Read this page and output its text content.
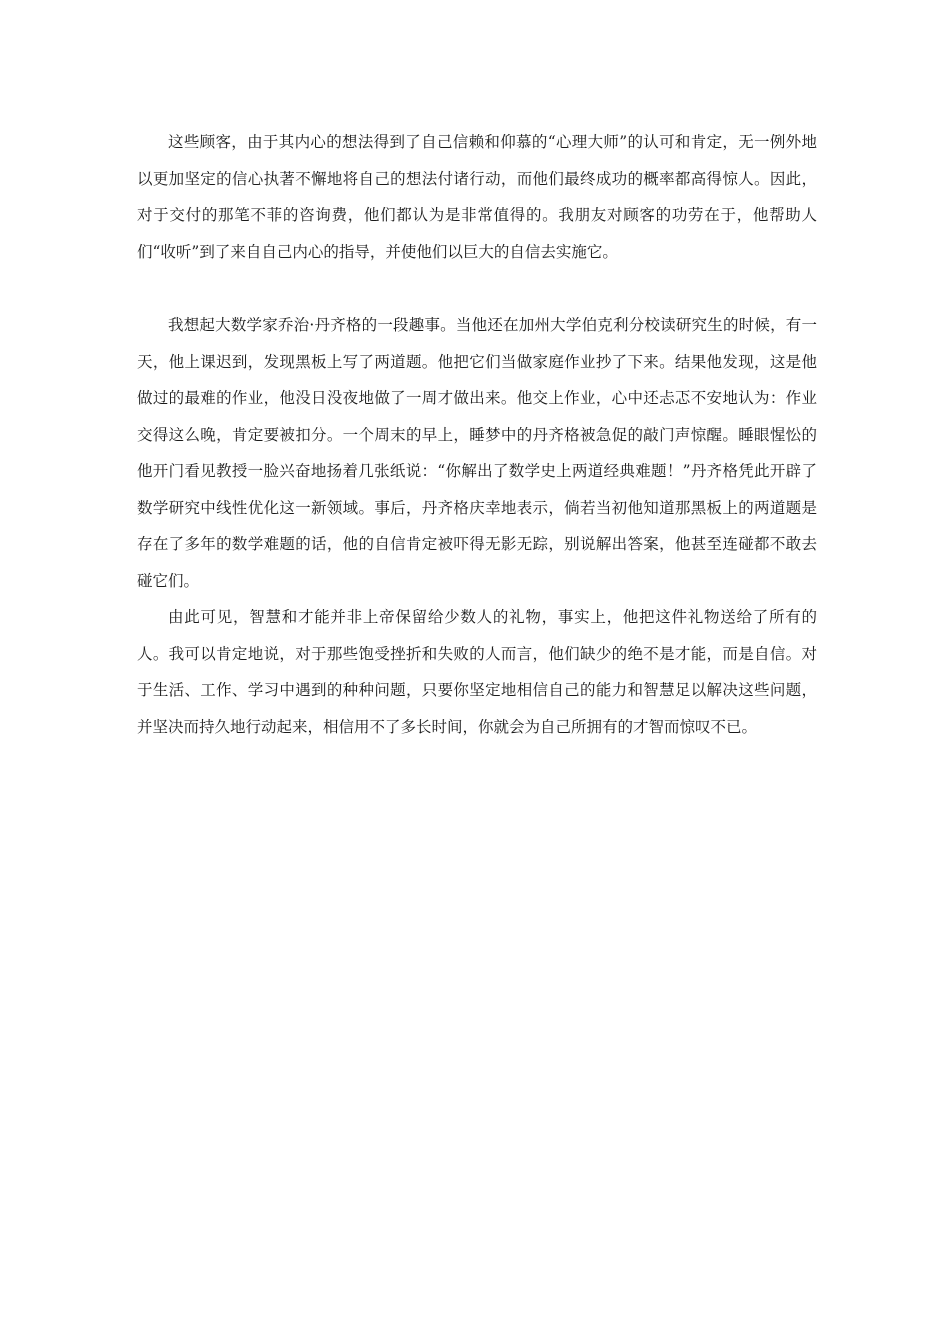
这些顾客，由于其内心的想法得到了自己信赖和仰慕的“心理大师”的认可和肯定，无一例外地以更加坚定的信心执著不懈地将自己的想法付诸行动，而他们最终成功的概率都高得惊人。因此，对于交付的那笔不菲的咨询费，他们都认为是非常值得的。我朋友对顾客的功劳在于，他帮助人们“收听”到了来自自己内心的指导，并使他们以巨大的自信去实施它。

我想起大数学家乔治·丹齐格的一段趣事。当他还在加州大学伯克利分校读研究生的时候，有一天，他上课迟到，发现黑板上写了两道题。他把它们当做家庭作业抄了下来。结果他发现，这是他做过的最难的作业，他没日没夜地做了一周才做出来。他交上作业，心中还忐忑不安地认为：作业交得这么晚，肯定要被扣分。一个周末的早上，睡梦中的丹齐格被急促的敲门声惊醒。睡眼惺忪的他开门看见教授一脸兴奋地扬着几张纸说：“你解出了数学史上两道经典难题！”丹齐格凭此开辟了数学研究中线性优化这一新领域。事后，丹齐格庆幸地表示，倘若当初他知道那黑板上的两道题是存在了多年的数学难题的话，他的自信肯定被吓得无影无踪，别说解出答案，他甚至连碰都不敢去碰它们。

由此可见，智慧和才能并非上帝保留给少数人的礼物，事实上，他把这件礼物送给了所有的人。我可以肯定地说，对于那些饱受挫折和失败的人而言，他们缺少的绝不是才能，而是自信。对于生活、工作、学习中遇到的种种问题，只要你坚定地相信自己的能力和智慧足以解决这些问题，并坚决而持久地行动起来，相信用不了多长时间，你就会为自己所拥有的才智而惊叹不已。
